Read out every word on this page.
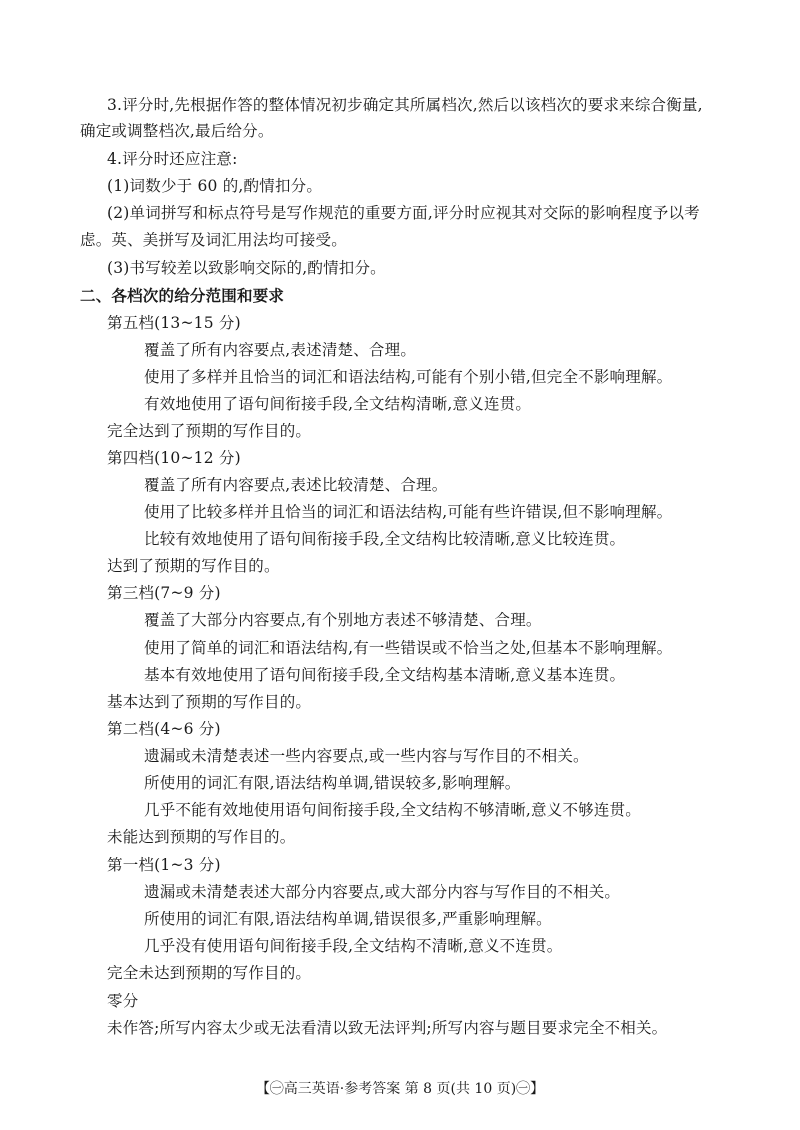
3.评分时,先根据作答的整体情况初步确定其所属档次,然后以该档次的要求来综合衡量,
确定或调整档次,最后给分。
4.评分时还应注意:
(1)词数少于 60 的,酌情扣分。
(2)单词拼写和标点符号是写作规范的重要方面,评分时应视其对交际的影响程度予以考
虑。英、美拼写及词汇用法均可接受。
(3)书写较差以致影响交际的,酌情扣分。
二、各档次的给分范围和要求
第五档(13~15 分)
覆盖了所有内容要点,表述清楚、合理。
使用了多样并且恰当的词汇和语法结构,可能有个别小错,但完全不影响理解。
有效地使用了语句间衔接手段,全文结构清晰,意义连贯。
完全达到了预期的写作目的。
第四档(10~12 分)
覆盖了所有内容要点,表述比较清楚、合理。
使用了比较多样并且恰当的词汇和语法结构,可能有些许错误,但不影响理解。
比较有效地使用了语句间衔接手段,全文结构比较清晰,意义比较连贯。
达到了预期的写作目的。
第三档(7~9 分)
覆盖了大部分内容要点,有个别地方表述不够清楚、合理。
使用了简单的词汇和语法结构,有一些错误或不恰当之处,但基本不影响理解。
基本有效地使用了语句间衔接手段,全文结构基本清晰,意义基本连贯。
基本达到了预期的写作目的。
第二档(4~6 分)
遗漏或未清楚表述一些内容要点,或一些内容与写作目的不相关。
所使用的词汇有限,语法结构单调,错误较多,影响理解。
几乎不能有效地使用语句间衔接手段,全文结构不够清晰,意义不够连贯。
未能达到预期的写作目的。
第一档(1~3 分)
遗漏或未清楚表述大部分内容要点,或大部分内容与写作目的不相关。
所使用的词汇有限,语法结构单调,错误很多,严重影响理解。
几乎没有使用语句间衔接手段,全文结构不清晰,意义不连贯。
完全未达到预期的写作目的。
零分
未作答;所写内容太少或无法看清以致无法评判;所写内容与题目要求完全不相关。
【㊀高三英语·参考答案 第 8 页(共 10 页)㊀】
